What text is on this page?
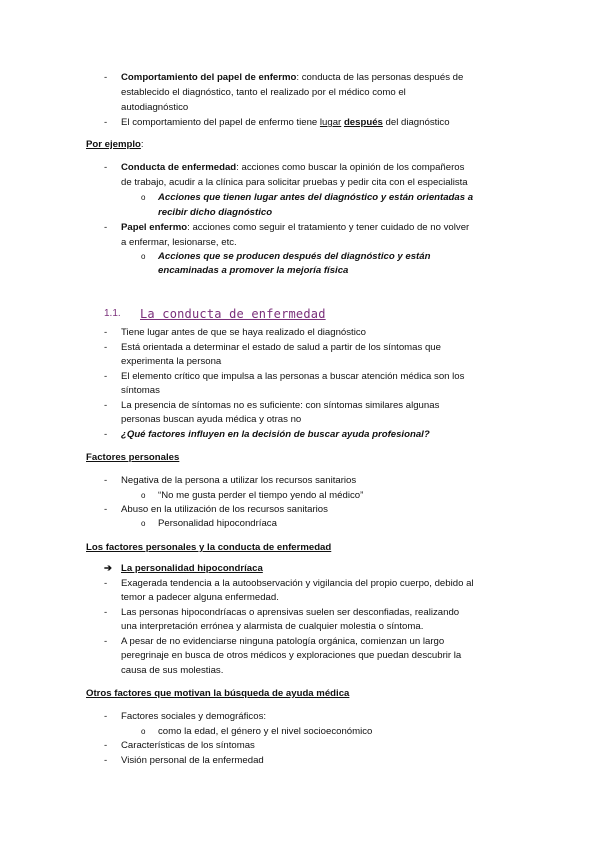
- Comportamiento del papel de enfermo: conducta de las personas después de
establecido el diagnóstico, tanto el realizado por el médico como el
autodiagnóstico
- El comportamiento del papel de enfermo tiene lugar después del diagnóstico
Por ejemplo:
- Conducta de enfermedad: acciones como buscar la opinión de los compañeros
de trabajo, acudir a la clínica para solicitar pruebas y pedir cita con el especialista
o Acciones que tienen lugar antes del diagnóstico y están orientadas a
recibir dicho diagnóstico
- Papel enfermo: acciones como seguir el tratamiento y tener cuidado de no volver
a enfermar, lesionarse, etc.
o Acciones que se producen después del diagnóstico y están
encaminadas a promover la mejoría física
1.1. La conducta de enfermedad
- Tiene lugar antes de que se haya realizado el diagnóstico
- Está orientada a determinar el estado de salud a partir de los síntomas que
experimenta la persona
- El elemento crítico que impulsa a las personas a buscar atención médica son los
síntomas
- La presencia de síntomas no es suficiente: con síntomas similares algunas
personas buscan ayuda médica y otras no
- ¿Qué factores influyen en la decisión de buscar ayuda profesional?
Factores personales
- Negativa de la persona a utilizar los recursos sanitarios
o “No me gusta perder el tiempo yendo al médico”
- Abuso en la utilización de los recursos sanitarios
o Personalidad hipocondríaca
Los factores personales y la conducta de enfermedad
➔ La personalidad hipocondríaca
- Exagerada tendencia a la autoobservación y vigilancia del propio cuerpo, debido al
temor a padecer alguna enfermedad.
- Las personas hipocondríacas o aprensivas suelen ser desconfiadas, realizando
una interpretación errónea y alarmista de cualquier molestia o síntoma.
- A pesar de no evidenciarse ninguna patología orgánica, comienzan un largo
peregrinaje en busca de otros médicos y exploraciones que puedan descubrir la
causa de sus molestias.
Otros factores que motivan la búsqueda de ayuda médica
- Factores sociales y demográficos:
o como la edad, el género y el nivel socioeconómico
- Características de los síntomas
- Visión personal de la enfermedad
